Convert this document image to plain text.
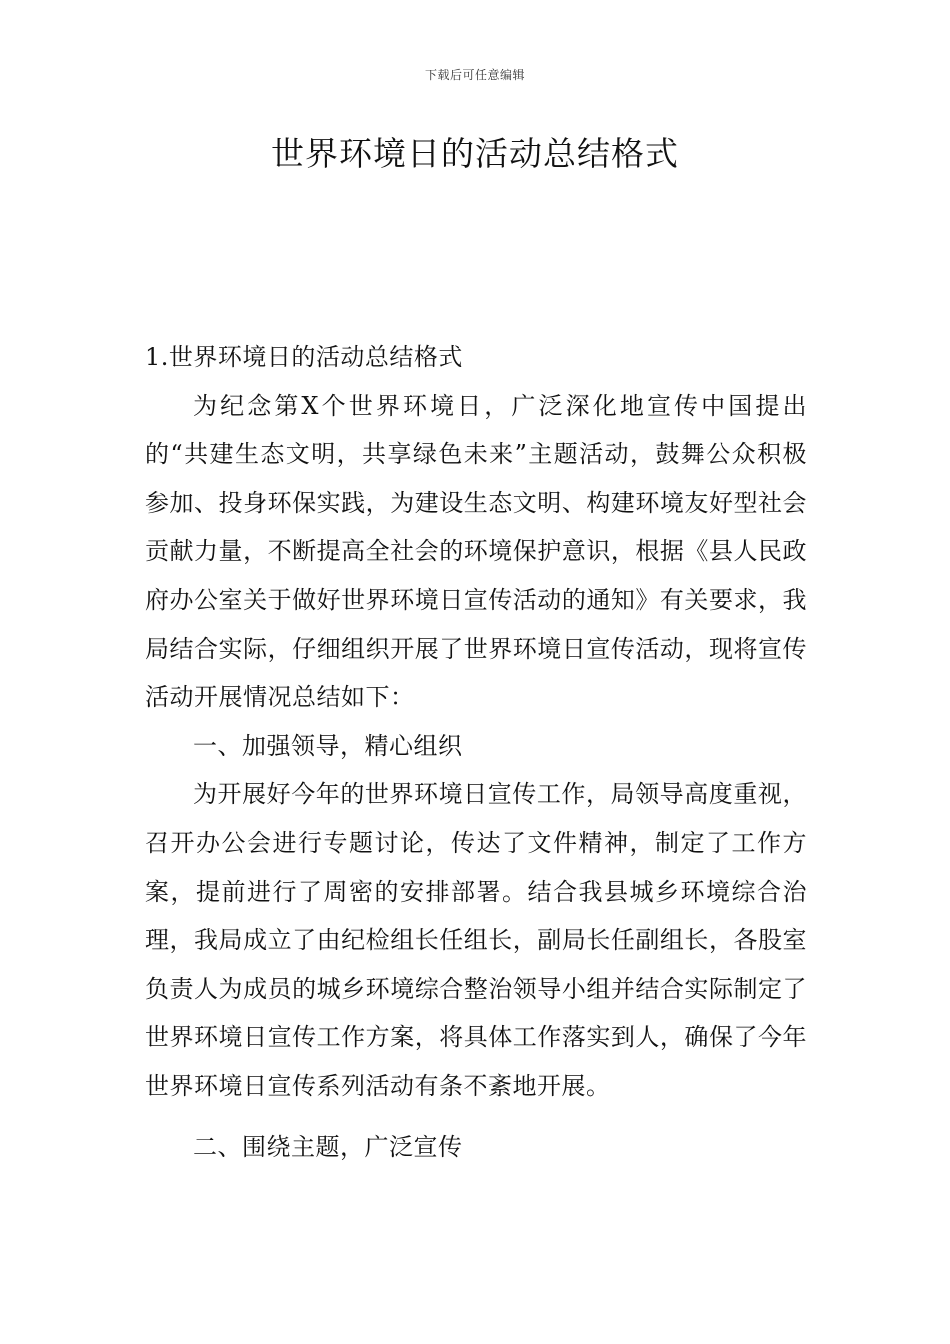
下载后可任意编辑
世界环境日的活动总结格式

1.世界环境日的活动总结格式

为纪念第X个世界环境日，广泛深化地宣传中国提出的“共建生态文明，共享绿色未来”主题活动，鼓舞公众积极参加、投身环保实践，为建设生态文明、构建环境友好型社会贡献力量，不断提高全社会的环境保护意识，根据《县人民政府办公室关于做好世界环境日宣传活动的通知》有关要求，我局结合实际，仔细组织开展了世界环境日宣传活动，现将宣传活动开展情况总结如下：

一、加强领导，精心组织

为开展好今年的世界环境日宣传工作，局领导高度重视，召开办公会进行专题讨论，传达了文件精神，制定了工作方案，提前进行了周密的安排部署。结合我县城乡环境综合治理，我局成立了由纪检组长任组长，副局长任副组长，各股室负责人为成员的城乡环境综合整治领导小组并结合实际制定了世界环境日宣传工作方案，将具体工作落实到人，确保了今年世界环境日宣传系列活动有条不紊地开展。

二、围绕主题，广泛宣传
